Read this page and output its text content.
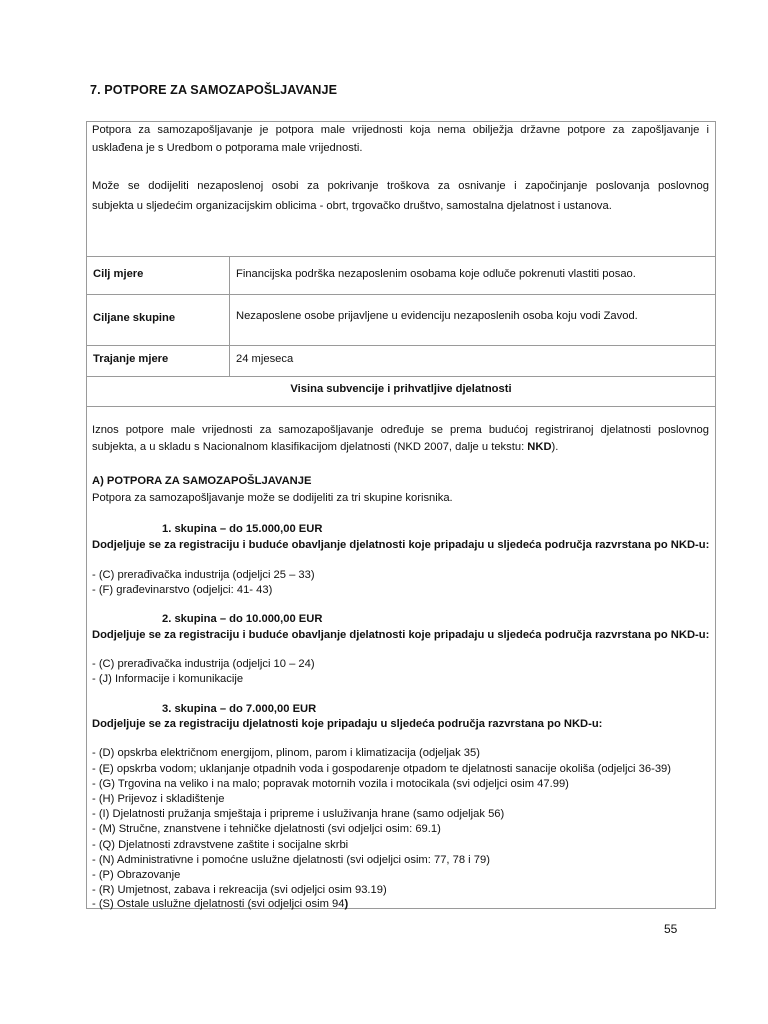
7. POTPORE ZA SAMOZAPOŠLJAVANJE
Potpora za samozapošljavanje je potpora male vrijednosti koja nema obilježja državne potpore za zapošljavanje i
usklađena je s Uredbom o potporama male vrijednosti.
Može se dodijeliti nezaposlenoj osobi za pokrivanje troškova za osnivanje i započinjanje poslovanja poslovnog
subjekta u sljedećim organizacijskim oblicima - obrt, trgovačko društvo, samostalna djelatnost i ustanova.
Cilj mjere	Financijska podrška nezaposlenim osobama koje odluče pokrenuti vlastiti posao.
Ciljane skupine	Nezaposlene osobe prijavljene u evidenciju nezaposlenih osoba koju vodi Zavod.
Trajanje mjere	24 mjeseca
Visina subvencije i prihvatljive djelatnosti
Iznos potpore male vrijednosti za samozapošljavanje određuje se prema budućoj registriranoj djelatnosti poslovnog
subjekta, a u skladu s Nacionalnom klasifikacijom djelatnosti (NKD 2007, dalje u tekstu: NKD).
A) POTPORA ZA SAMOZAPOŠLJAVANJE
Potpora za samozapošljavanje može se dodijeliti za tri skupine korisnika.
1. skupina – do 15.000,00 EUR
Dodjeljuje se za registraciju i buduće obavljanje djelatnosti koje pripadaju u sljedeća područja razvrstana po NKD-u:
- (C) prerađivačka industrija (odjeljci 25 – 33)
- (F) građevinarstvo (odjeljci: 41- 43)
2. skupina – do 10.000,00 EUR
Dodjeljuje se za registraciju i buduće obavljanje djelatnosti koje pripadaju u sljedeća područja razvrstana po NKD-u:
- (C) prerađivačka industrija (odjeljci 10 – 24)
- (J) Informacije i komunikacije
3. skupina – do 7.000,00 EUR
Dodjeljuje se za registraciju djelatnosti koje pripadaju u sljedeća područja razvrstana po NKD-u:
- (D) opskrba električnom energijom, plinom, parom i klimatizacija (odjeljak 35)
- (E) opskrba vodom; uklanjanje otpadnih voda i gospodarenje otpadom te djelatnosti sanacije okoliša (odjeljci 36-39)
- (G) Trgovina na veliko i na malo; popravak motornih vozila i motocikala (svi odjeljci osim 47.99)
- (H) Prijevoz i skladištenje
- (I) Djelatnosti pružanja smještaja i pripreme i usluživanja hrane (samo odjeljak 56)
- (M) Stručne, znanstvene i tehničke djelatnosti (svi odjeljci osim: 69.1)
- (Q) Djelatnosti zdravstvene zaštite i socijalne skrbi
- (N) Administrativne i pomoćne uslužne djelatnosti (svi odjeljci osim: 77, 78 i 79)
- (P) Obrazovanje
- (R) Umjetnost, zabava i rekreacija (svi odjeljci osim 93.19)
- (S) Ostale uslužne djelatnosti (svi odjeljci osim 94)
55
